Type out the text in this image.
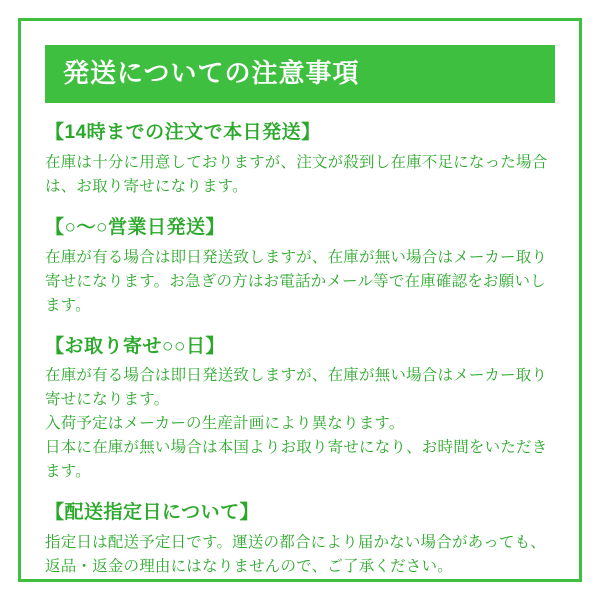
発送についての注意事項
【14時までの注文で本日発送】

在庫は十分に用意しておりますが、注文が殺到し在庫不足になった場合は、お取り寄せになります。

【○〜○営業日発送】

在庫が有る場合は即日発送致しますが、在庫が無い場合はメーカー取り寄せになります。お急ぎの方はお電話かメール等で在庫確認をお願いします。

【お取り寄せ○○日】

在庫が有る場合は即日発送致しますが、在庫が無い場合はメーカー取り寄せになります。

入荷予定はメーカーの生産計画により異なります。

日本に在庫が無い場合は本国よりお取り寄せになり、お時間をいただきます。

【配送指定日について】

指定日は配送予定日です。運送の都合により届かない場合があっても、返品・返金の理由にはなりませんので、ご了承ください。
